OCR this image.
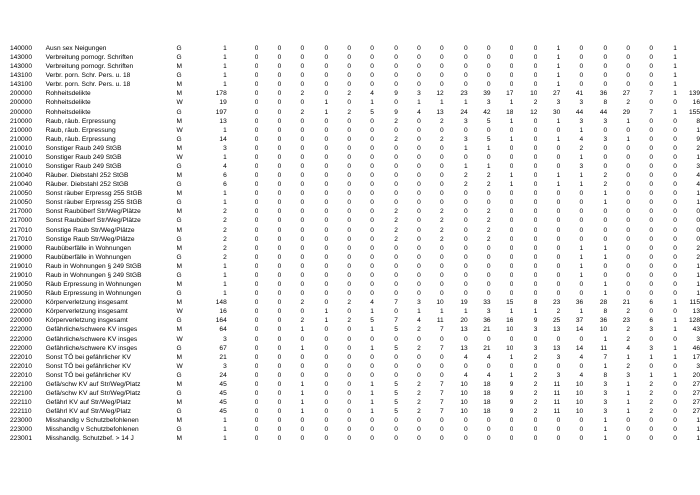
140000	Ausn sex Neigungen	G	1	0	0	0	0	0	0	0	0	0	0	0	0	0	1	0	0	0	0	1	
143000	Verbreitung pornogr. Schriften	G	1	0	0	0	0	0	0	0	0	0	0	0	0	0	1	0	0	0	0	1	
143000	Verbreitung pornogr. Schriften	M	1	0	0	0	0	0	0	0	0	0	0	0	0	0	1	0	0	0	0	1	
143100	Verbr. porn. Schr. Pers. u. 18	G	1	0	0	0	0	0	0	0	0	0	0	0	0	0	1	0	0	0	0	1	
143100	Verbr. porn. Schr. Pers. u. 18	M	1	0	0	0	0	0	0	0	0	0	0	0	0	0	1	0	0	0	0	1	
200000	Rohheitsdelikte	M	178	0	0	2	0	2	4	9	3	12	23	39	17	10	27	41	36	27	7	1	139
200000	Rohheitsdelikte	W	19	0	0	0	1	0	1	0	1	1	1	3	1	2	3	3	8	2	0	0	16
200000	Rohheitsdelikte	G	197	0	0	2	1	2	5	9	4	13	24	42	18	12	30	44	44	29	7	1	155
210000	Raub, räub. Erpressung	M	13	0	0	0	0	0	0	2	0	2	3	5	1	0	1	3	3	1	0	0	8
210000	Raub, räub. Erpressung	W	1	0	0	0	0	0	0	0	0	0	0	0	0	0	0	1	0	0	0	0	1
210000	Raub, räub. Erpressung	G	14	0	0	0	0	0	0	2	0	2	3	5	1	0	1	4	3	1	0	0	9
210010	Sonstiger Raub 249 StGB	M	3	0	0	0	0	0	0	0	0	0	1	1	0	0	0	2	0	0	0	0	2
210010	Sonstiger Raub 249 StGB	W	1	0	0	0	0	0	0	0	0	0	0	0	0	0	0	1	0	0	0	0	1
210010	Sonstiger Raub 249 StGB	G	4	0	0	0	0	0	0	0	0	0	1	1	0	0	0	3	0	0	0	0	3
210040	Räuber. Diebstahl 252 StGB	M	6	0	0	0	0	0	0	0	0	0	2	2	1	0	1	1	2	0	0	0	4
210040	Räuber. Diebstahl 252 StGB	G	6	0	0	0	0	0	0	0	0	0	2	2	1	0	1	1	2	0	0	0	4
210050	Sonst räuber Erpressg 255 StGB	M	1	0	0	0	0	0	0	0	0	0	0	0	0	0	0	0	1	0	0	0	1
210050	Sonst räuber Erpressg 255 StGB	G	1	0	0	0	0	0	0	0	0	0	0	0	0	0	0	0	1	0	0	0	1
217000	Sonst Raubüberf Str/Weg/Plätze	M	2	0	0	0	0	0	0	2	0	2	0	2	0	0	0	0	0	0	0	0	0
217000	Sonst Raubüberf Str/Weg/Plätze	G	2	0	0	0	0	0	0	2	0	2	0	2	0	0	0	0	0	0	0	0	0
217010	Sonstige Raub Str/Weg/Plätze	M	2	0	0	0	0	0	0	2	0	2	0	2	0	0	0	0	0	0	0	0	0
217010	Sonstige Raub Str/Weg/Plätze	G	2	0	0	0	0	0	0	2	0	2	0	2	0	0	0	0	0	0	0	0	0
219000	Raubüberfälle in Wohnungen	M	2	0	0	0	0	0	0	0	0	0	0	0	0	0	0	1	1	0	0	0	2
219000	Raubüberfälle in Wohnungen	G	2	0	0	0	0	0	0	0	0	0	0	0	0	0	0	1	1	0	0	0	2
219010	Raub in Wohnungen § 249 StGB	M	1	0	0	0	0	0	0	0	0	0	0	0	0	0	0	1	0	0	0	0	1
219010	Raub in Wohnungen § 249 StGB	G	1	0	0	0	0	0	0	0	0	0	0	0	0	0	0	1	0	0	0	0	1
219050	Räub Erpressung in Wohnungen	M	1	0	0	0	0	0	0	0	0	0	0	0	0	0	0	0	1	0	0	0	1
219050	Räub Erpressung in Wohnungen	G	1	0	0	0	0	0	0	0	0	0	0	0	0	0	0	0	1	0	0	0	1
220000	Körperverletzung insgesamt	M	148	0	0	2	0	2	4	7	3	10	19	33	15	8	23	36	28	21	6	1	115
220000	Körperverletzung insgesamt	W	16	0	0	0	1	0	1	0	1	1	1	3	1	1	2	1	8	2	0	0	13
220000	Körperverletzung insgesamt	G	164	0	0	2	1	2	5	7	4	11	20	36	16	9	25	37	36	23	6	1	128
222000	Gefährliche/schwere KV insges	M	64	0	0	1	0	0	1	5	2	7	13	21	10	3	13	14	10	2	3	1	43
222000	Gefährliche/schwere KV insges	W	3	0	0	0	0	0	0	0	0	0	0	0	0	0	0	0	1	2	0	0	3
222000	Gefährliche/schwere KV insges	G	67	0	0	1	0	0	1	5	2	7	13	21	10	3	13	14	11	4	3	1	46
222010	Sonst TÖ bei gefährlicher KV	M	21	0	0	0	0	0	0	0	0	0	4	4	1	2	3	4	7	1	1	1	17
222010	Sonst TÖ bei gefährlicher KV	W	3	0	0	0	0	0	0	0	0	0	0	0	0	0	0	0	1	2	0	0	3
222010	Sonst TÖ bei gefährlicher KV	G	24	0	0	0	0	0	0	0	0	0	4	4	1	2	3	4	8	3	1	1	20
222100	Gefä/schw KV auf Str/Weg/Platz	M	45	0	0	1	0	0	1	5	2	7	10	18	9	2	11	10	3	1	2	0	27
222100	Gefä/schw KV auf Str/Weg/Platz	G	45	0	0	1	0	0	1	5	2	7	10	18	9	2	11	10	3	1	2	0	27
222110	Gefährl KV auf Str/Weg/Platz	M	45	0	0	1	0	0	1	5	2	7	10	18	9	2	11	10	3	1	2	0	27
222110	Gefährl KV auf Str/Weg/Platz	G	45	0	0	1	0	0	1	5	2	7	10	18	9	2	11	10	3	1	2	0	27
223000	Misshandlg v Schutzbefohlenen	M	1	0	0	0	0	0	0	0	0	0	0	0	0	0	0	0	1	0	0	0	1
223000	Misshandlg v Schutzbefohlenen	G	1	0	0	0	0	0	0	0	0	0	0	0	0	0	0	0	1	0	0	0	1
223001	Misshandlg. Schutzbef. > 14 J	M	1	0	0	0	0	0	0	0	0	0	0	0	0	0	0	0	1	0	0	0	1
